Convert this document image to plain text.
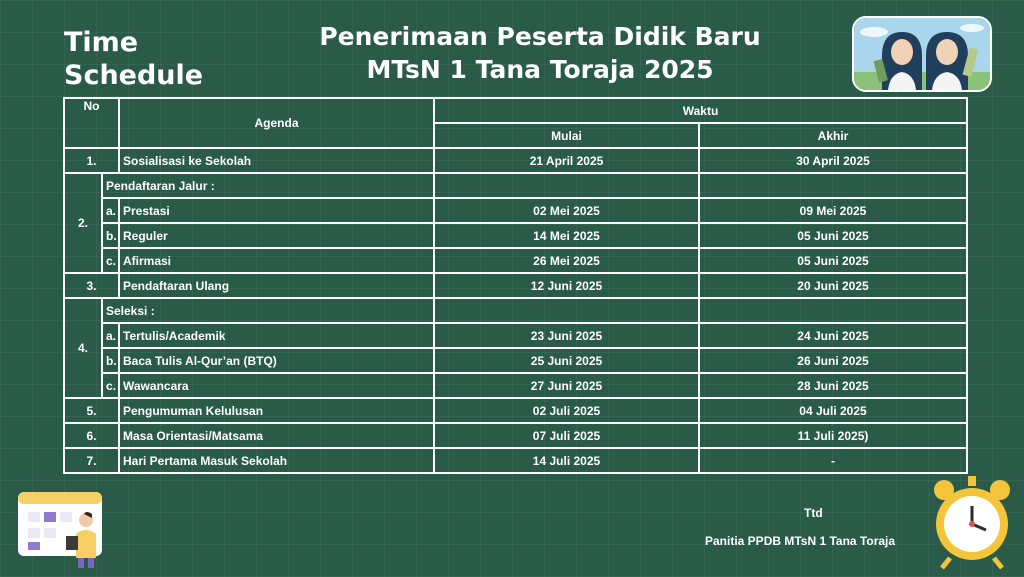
Time
Schedule
Penerimaan Peserta Didik Baru
MTsN 1 Tana Toraja 2025
No		Agenda	Waktu	
			Mulai	Akhir
1.		Sosialisasi ke Sekolah	21 April 2025	30 April 2025
2.	Pendaftaran Jalur :			
	a.	Prestasi	02 Mei 2025	09 Mei 2025
	b.	Reguler	14 Mei 2025	05 Juni 2025
	c.	Afirmasi	26 Mei 2025	05 Juni 2025
3.		Pendaftaran Ulang	12 Juni 2025	20 Juni 2025
4.	Seleksi :			
	a.	Tertulis/Academik	23 Juni 2025	24 Juni 2025
	b.	Baca Tulis Al-Qur’an (BTQ)	25 Juni 2025	26 Juni 2025
	c.	Wawancara	27 Juni 2025	28 Juni 2025
5.		Pengumuman Kelulusan	02 Juli 2025	04 Juli 2025
6.		Masa Orientasi/Matsama	07 Juli 2025	11 Juli 2025)
7.		Hari Pertama Masuk Sekolah	14 Juli 2025	-
Ttd
Panitia PPDB MTsN 1 Tana Toraja
